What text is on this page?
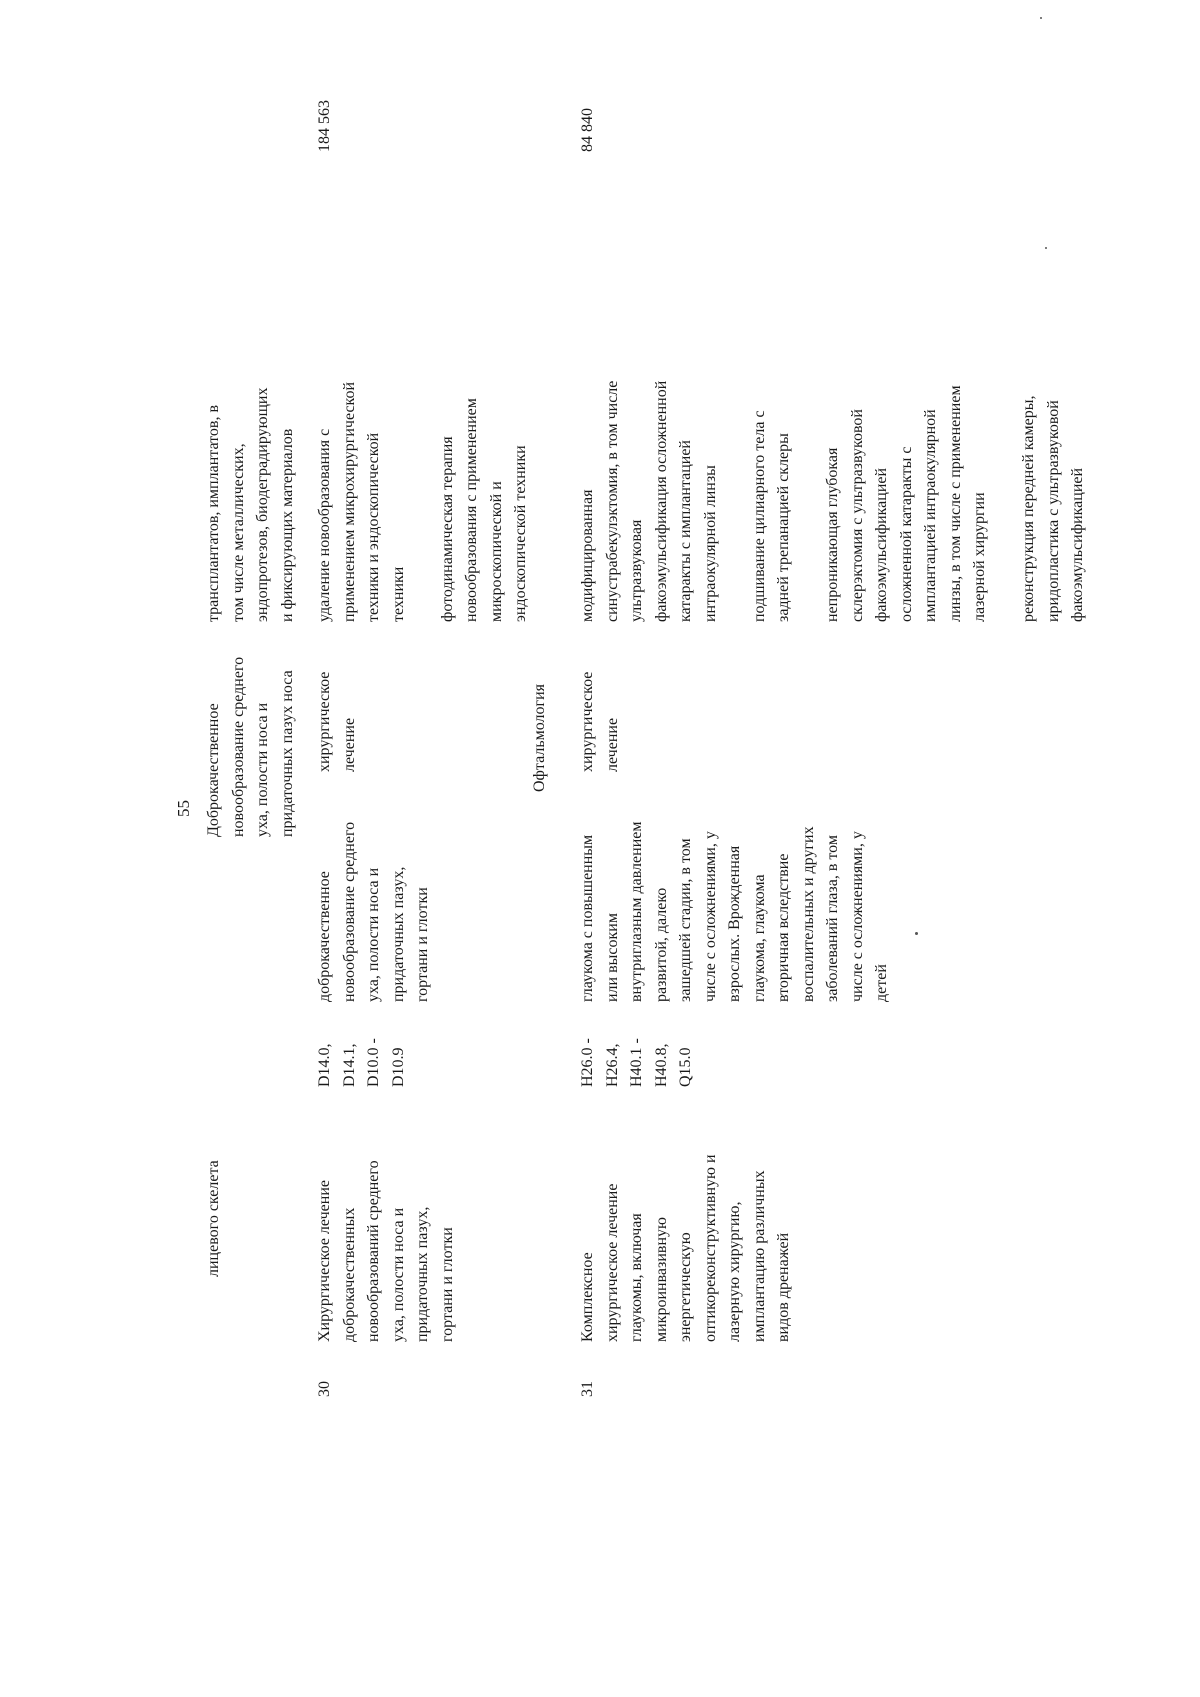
55
лицевого скелета
Доброкачественное
новообразование среднего
уха, полости носа и
придаточных пазух носа
трансплантатов, имплантатов, в
том числе металлических,
эндопротезов, биодеградирующих
и фиксирующих материалов
30
Хирургическое лечение
доброкачественных
новообразований среднего
уха, полости носа и
придаточных пазух,
гортани и глотки
D14.0,
D14.1,
D10.0 -
D10.9
доброкачественное
новообразование среднего
уха, полости носа и
придаточных пазух,
гортани и глотки
хирургическое
лечение
удаление новообразования с
применением микрохирургической
техники и эндоскопической
техники

фотодинамическая терапия
новообразования с применением
микроскопической и
эндоскопической техники
184 563
Офтальмология
31
Комплексное
хирургическое лечение
глаукомы, включая
микроинвазивную
энергетическую
оптикореконструктивную и
лазерную хирургию,
имплантацию различных
видов дренажей
H26.0 -
H26.4,
H40.1 -
H40.8,
Q15.0
глаукома с повышенным
или высоким
внутриглазным давлением
развитой, далеко
зашедшей стадии, в том
числе с осложнениями, у
взрослых. Врожденная
глаукома, глаукома
вторичная вследствие
воспалительных и других
заболеваний глаза, в том
числе с осложнениями, у
детей
хирургическое
лечение
модифицированная
синустрабекулэктомия, в том числе
ультразвуковая
факоэмульсификация осложненной
катаракты с имплантацией
интраокулярной линзы

подшивание цилиарного тела с
задней трепанацией склеры

непроникающая глубокая
склерэктомия с ультразвуковой
факоэмульсификацией
осложненной катаракты с
имплантацией интраокулярной
линзы, в том числе с применением
лазерной хирургии

реконструкция передней камеры,
иридопластика с ультразвуковой
факоэмульсификацией
84 840
